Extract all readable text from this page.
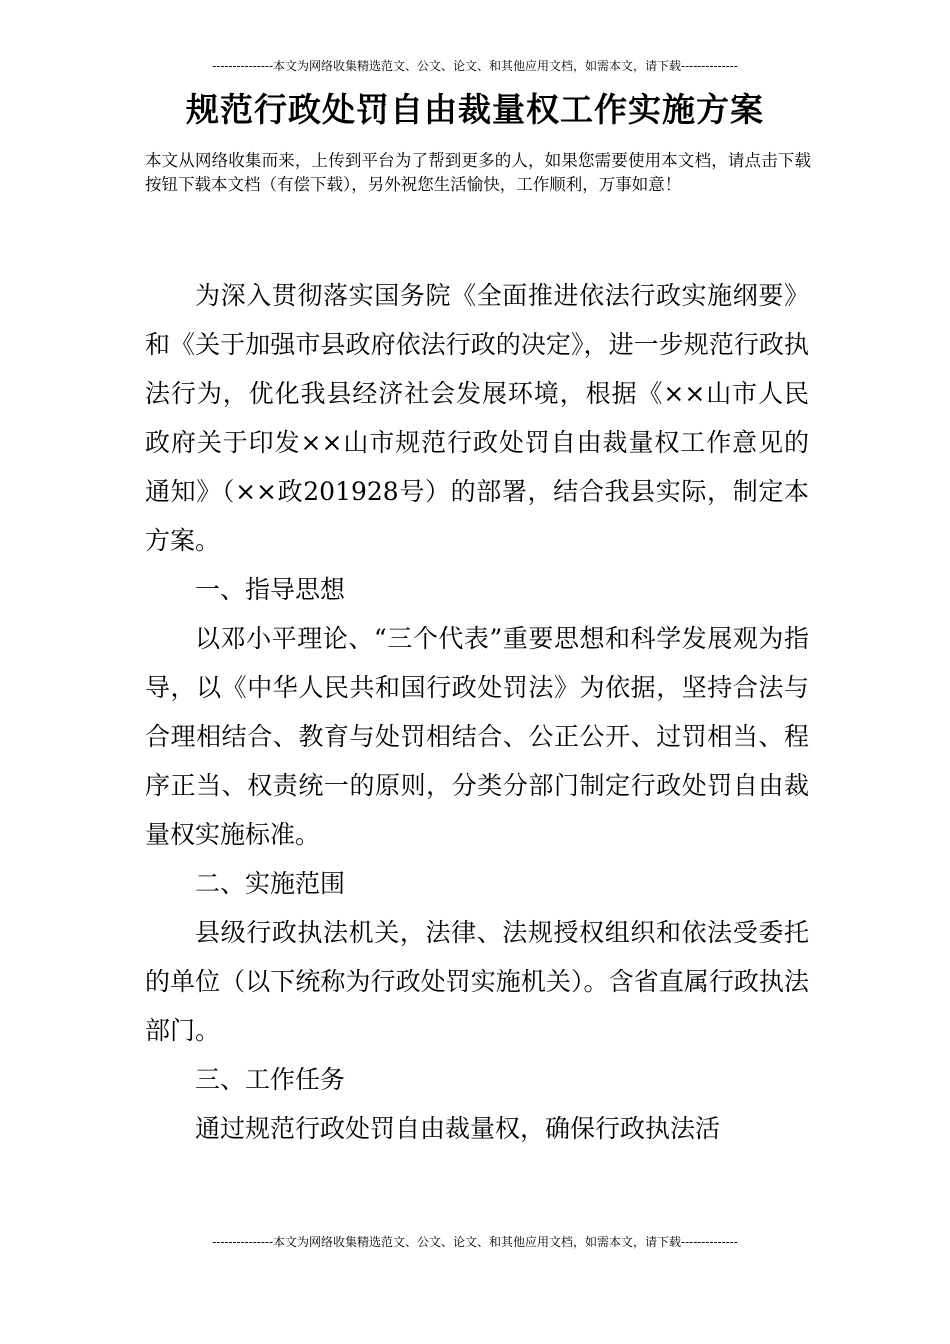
---------------本文为网络收集精选范文、公文、论文、和其他应用文档，如需本文，请下载--------------
规范行政处罚自由裁量权工作实施方案

本文从网络收集而来，上传到平台为了帮到更多的人，如果您需要使用本文档，请点击下载按钮下载本文档（有偿下载），另外祝您生活愉快，工作顺利，万事如意！

为深入贯彻落实国务院《全面推进依法行政实施纲要》和《关于加强市县政府依法行政的决定》，进一步规范行政执法行为，优化我县经济社会发展环境，根据《××山市人民政府关于印发××山市规范行政处罚自由裁量权工作意见的通知》（××政201928号）的部署，结合我县实际，制定本方案。

一、指导思想

以邓小平理论、“三个代表”重要思想和科学发展观为指导，以《中华人民共和国行政处罚法》为依据，坚持合法与合理相结合、教育与处罚相结合、公正公开、过罚相当、程序正当、权责统一的原则，分类分部门制定行政处罚自由裁量权实施标准。

二、实施范围

县级行政执法机关，法律、法规授权组织和依法受委托的单位（以下统称为行政处罚实施机关）。含省直属行政执法部门。

三、工作任务

通过规范行政处罚自由裁量权，确保行政执法活

---------------本文为网络收集精选范文、公文、论文、和其他应用文档，如需本文，请下载--------------
